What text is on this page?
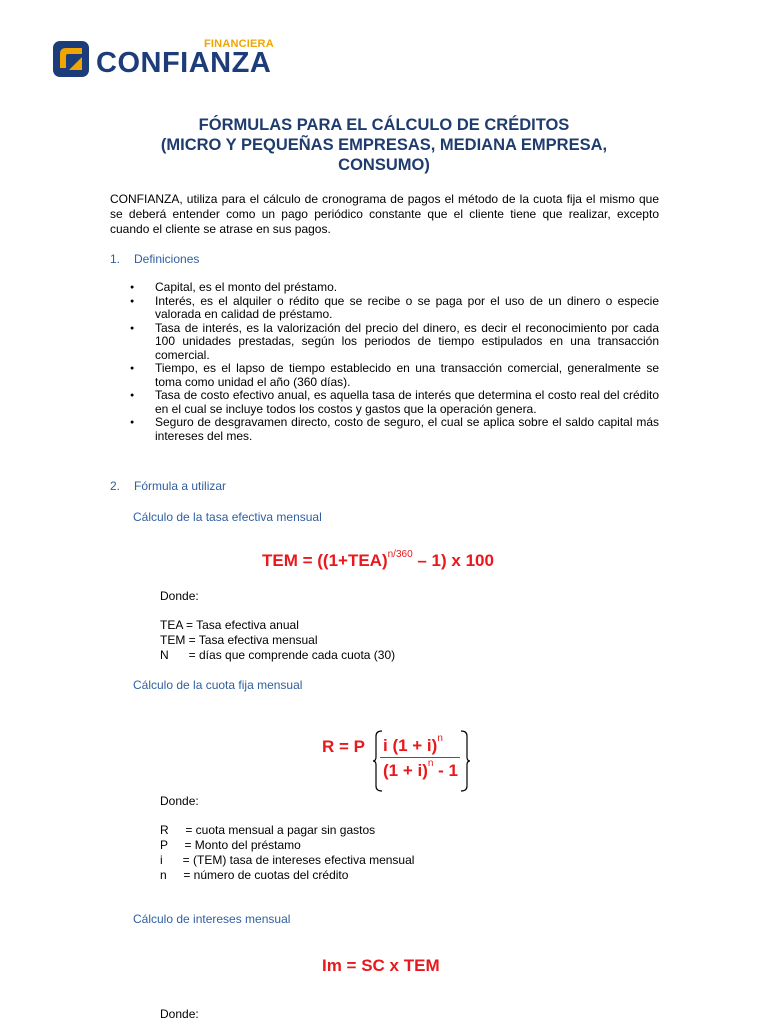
FINANCIERA
CONFIANZA
FÓRMULAS PARA EL CÁLCULO DE CRÉDITOS
(MICRO Y PEQUEÑAS EMPRESAS, MEDIANA EMPRESA,
CONSUMO)
CONFIANZA, utiliza para el cálculo de cronograma de pagos el método de la cuota fija el mismo que se deberá entender como un pago periódico constante que el cliente tiene que realizar, excepto cuando el cliente se atrase en sus pagos.
1. Definiciones
● Capital, es el monto del préstamo.
● Interés, es el alquiler o rédito que se recibe o se paga por el uso de un dinero o especie valorada en calidad de préstamo.
● Tasa de interés, es la valorización del precio del dinero, es decir el reconocimiento por cada 100 unidades prestadas, según los periodos de tiempo estipulados en una transacción comercial.
● Tiempo, es el lapso de tiempo establecido en una transacción comercial, generalmente se toma como unidad el año (360 días).
● Tasa de costo efectivo anual, es aquella tasa de interés que determina el costo real del crédito en el cual se incluye todos los costos y gastos que la operación genera.
● Seguro de desgravamen directo, costo de seguro, el cual se aplica sobre el saldo capital más intereses del mes.
2. Fórmula a utilizar
Cálculo de la tasa efectiva mensual
TEM = $((1+TEA)^{n/360} - 1)$ x 100
Donde:
TEA = Tasa efectiva anual
TEM = Tasa efectiva mensual
N      = días que comprende cada cuota (30)
Cálculo de la cuota fija mensual
R = P i $(1 + i)^n$
$(1 + i)^n - 1$
Donde:
R     = cuota mensual a pagar sin gastos
P     = Monto del préstamo
i      = (TEM) tasa de intereses efectiva mensual
n     = número de cuotas del crédito
Cálculo de intereses mensual
Im = SC x TEM
Donde:
